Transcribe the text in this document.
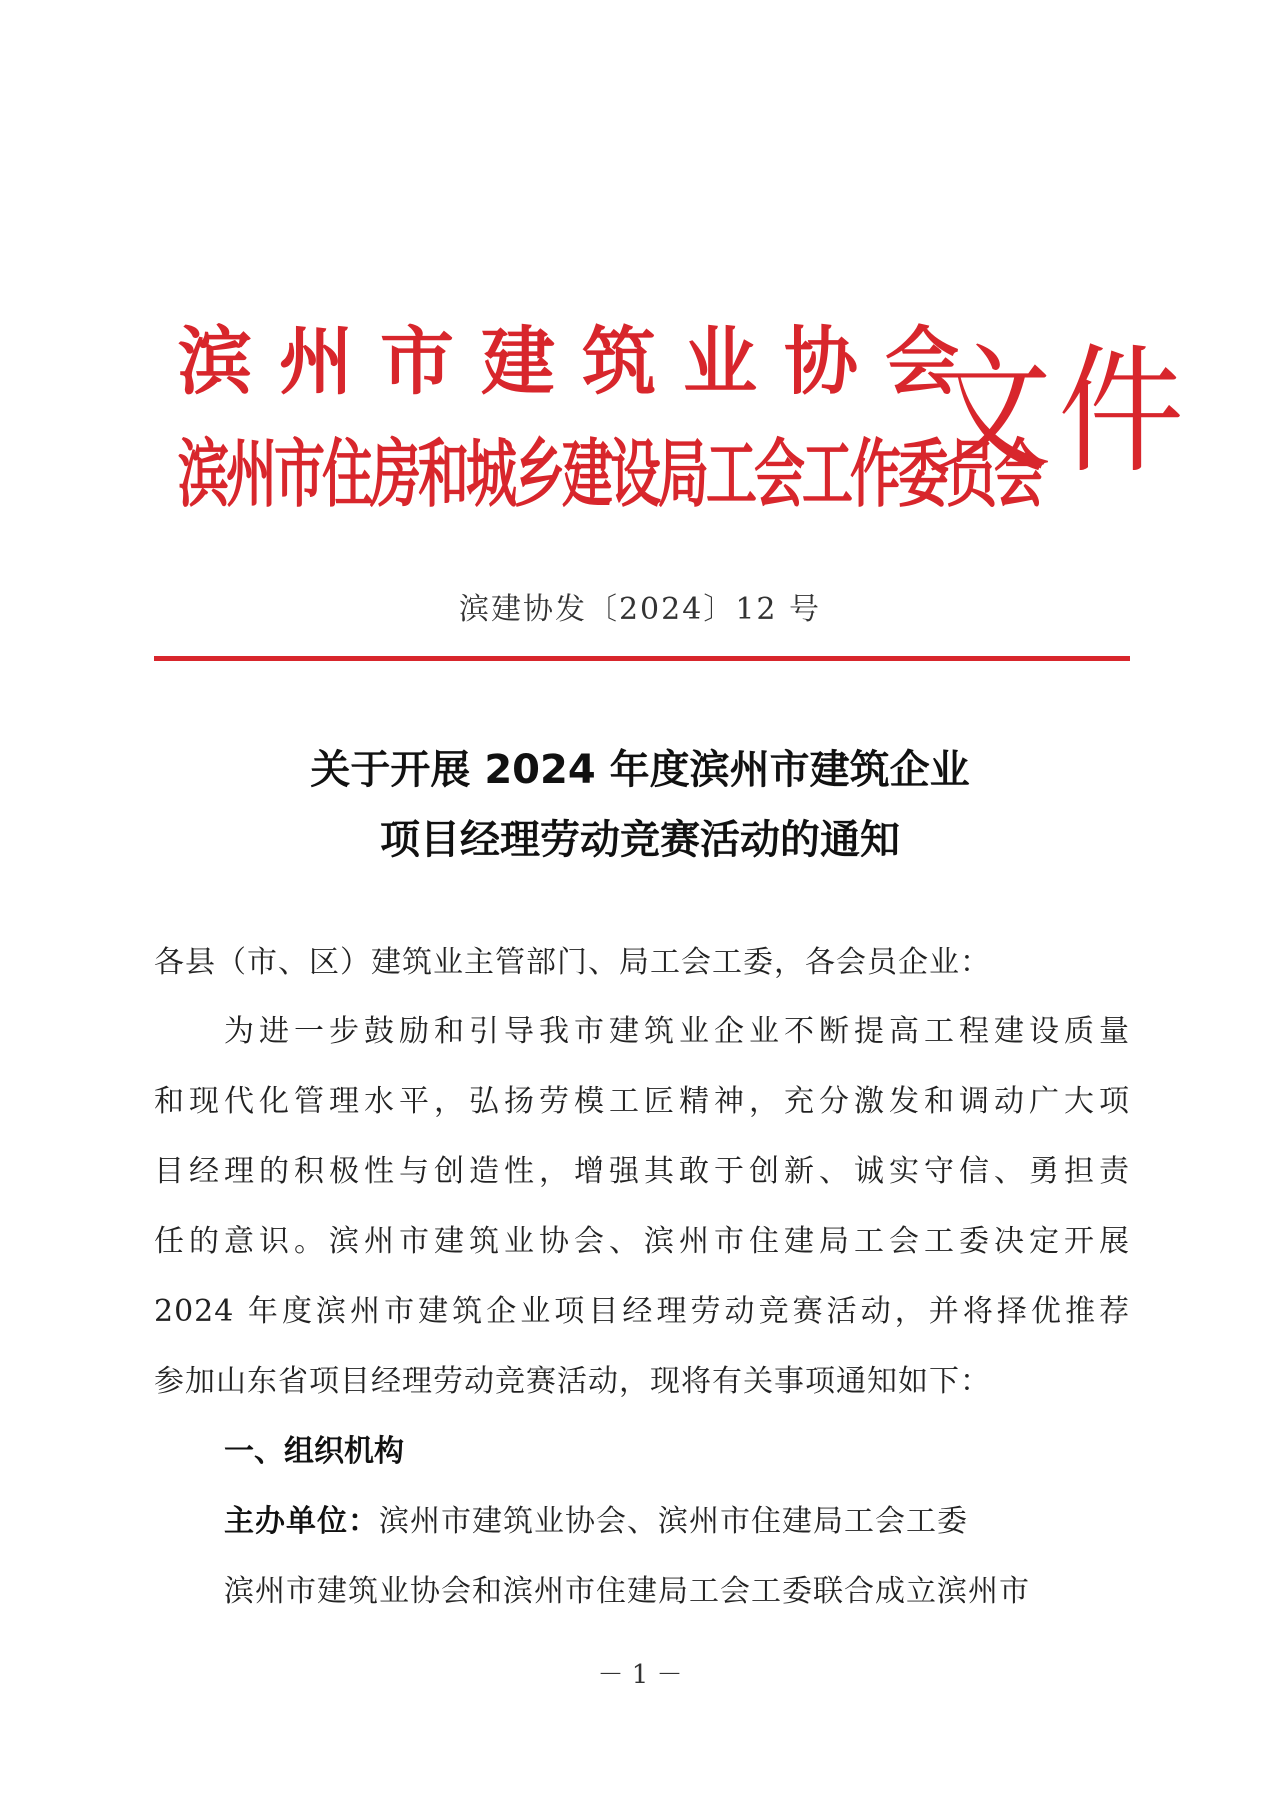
滨州市建筑业协会
滨州市住房和城乡建设局工会工作委员会
文件
滨建协发〔2024〕12 号
关于开展 2024 年度滨州市建筑企业
项目经理劳动竞赛活动的通知
各县（市、区）建筑业主管部门、局工会工委，各会员企业：
为进一步鼓励和引导我市建筑业企业不断提高工程建设质量
和现代化管理水平，弘扬劳模工匠精神，充分激发和调动广大项
目经理的积极性与创造性，增强其敢于创新、诚实守信、勇担责
任的意识。滨州市建筑业协会、滨州市住建局工会工委决定开展
2024 年度滨州市建筑企业项目经理劳动竞赛活动，并将择优推荐
参加山东省项目经理劳动竞赛活动，现将有关事项通知如下：
一、组织机构
主办单位：滨州市建筑业协会、滨州市住建局工会工委
滨州市建筑业协会和滨州市住建局工会工委联合成立滨州市
－ 1 －
